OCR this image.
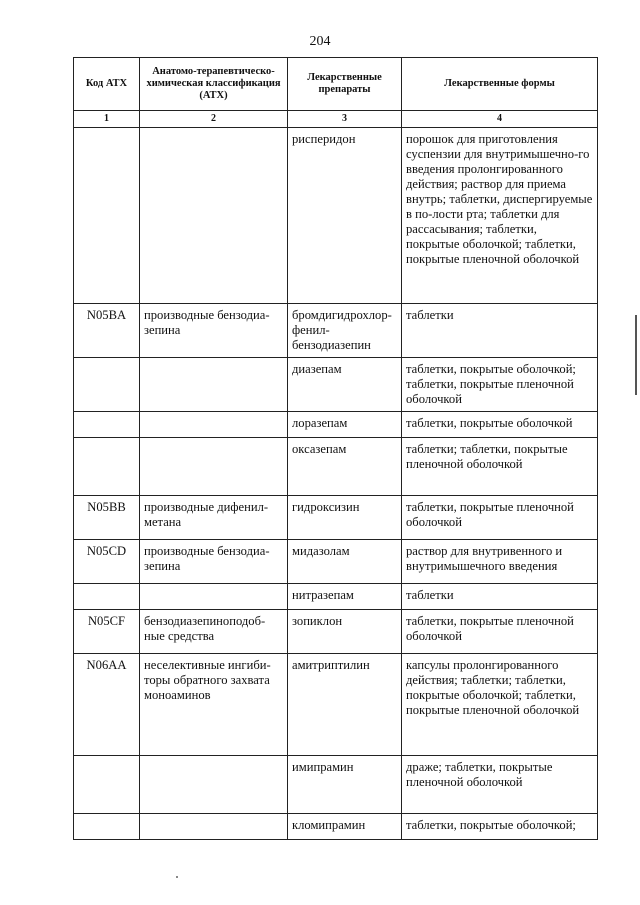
204
Код АТХ	Анатомо-терапевтическо-химическая классификация (АТХ)	Лекарственные препараты	Лекарственные формы
1	2	3	4
		рисперидон	порошок для приготовления суспензии для внутримышечно-го введения пролонгированного действия; раствор для приема внутрь; таблетки, диспергируемые в по-лости рта; таблетки для рассасывания; таблетки, покрытые оболочкой; таблетки, покрытые пленочной оболочкой
N05BA	производные бензодиа-зепина	бромдигидрохлор-фенил-бензодиазепин	таблетки
		диазепам	таблетки, покрытые оболочкой; таблетки, покрытые пленочной оболочкой
		лоразепам	таблетки, покрытые оболочкой
		оксазепам	таблетки; таблетки, покрытые пленочной оболочкой
N05BB	производные дифенил-метана	гидроксизин	таблетки, покрытые пленочной оболочкой
N05CD	производные бензодиа-зепина	мидазолам	раствор для внутривенного и внутримышечного введения
		нитразепам	таблетки
N05CF	бензодиазепиноподоб-ные средства	зопиклон	таблетки, покрытые пленочной оболочкой
N06AA	неселективные ингиби-торы обратного захвата моноаминов	амитриптилин	капсулы пролонгированного действия; таблетки; таблетки, покрытые оболочкой; таблетки, покрытые пленочной оболочкой
		имипрамин	драже; таблетки, покрытые пленочной оболочкой
		кломипрамин	таблетки, покрытые оболочкой;
